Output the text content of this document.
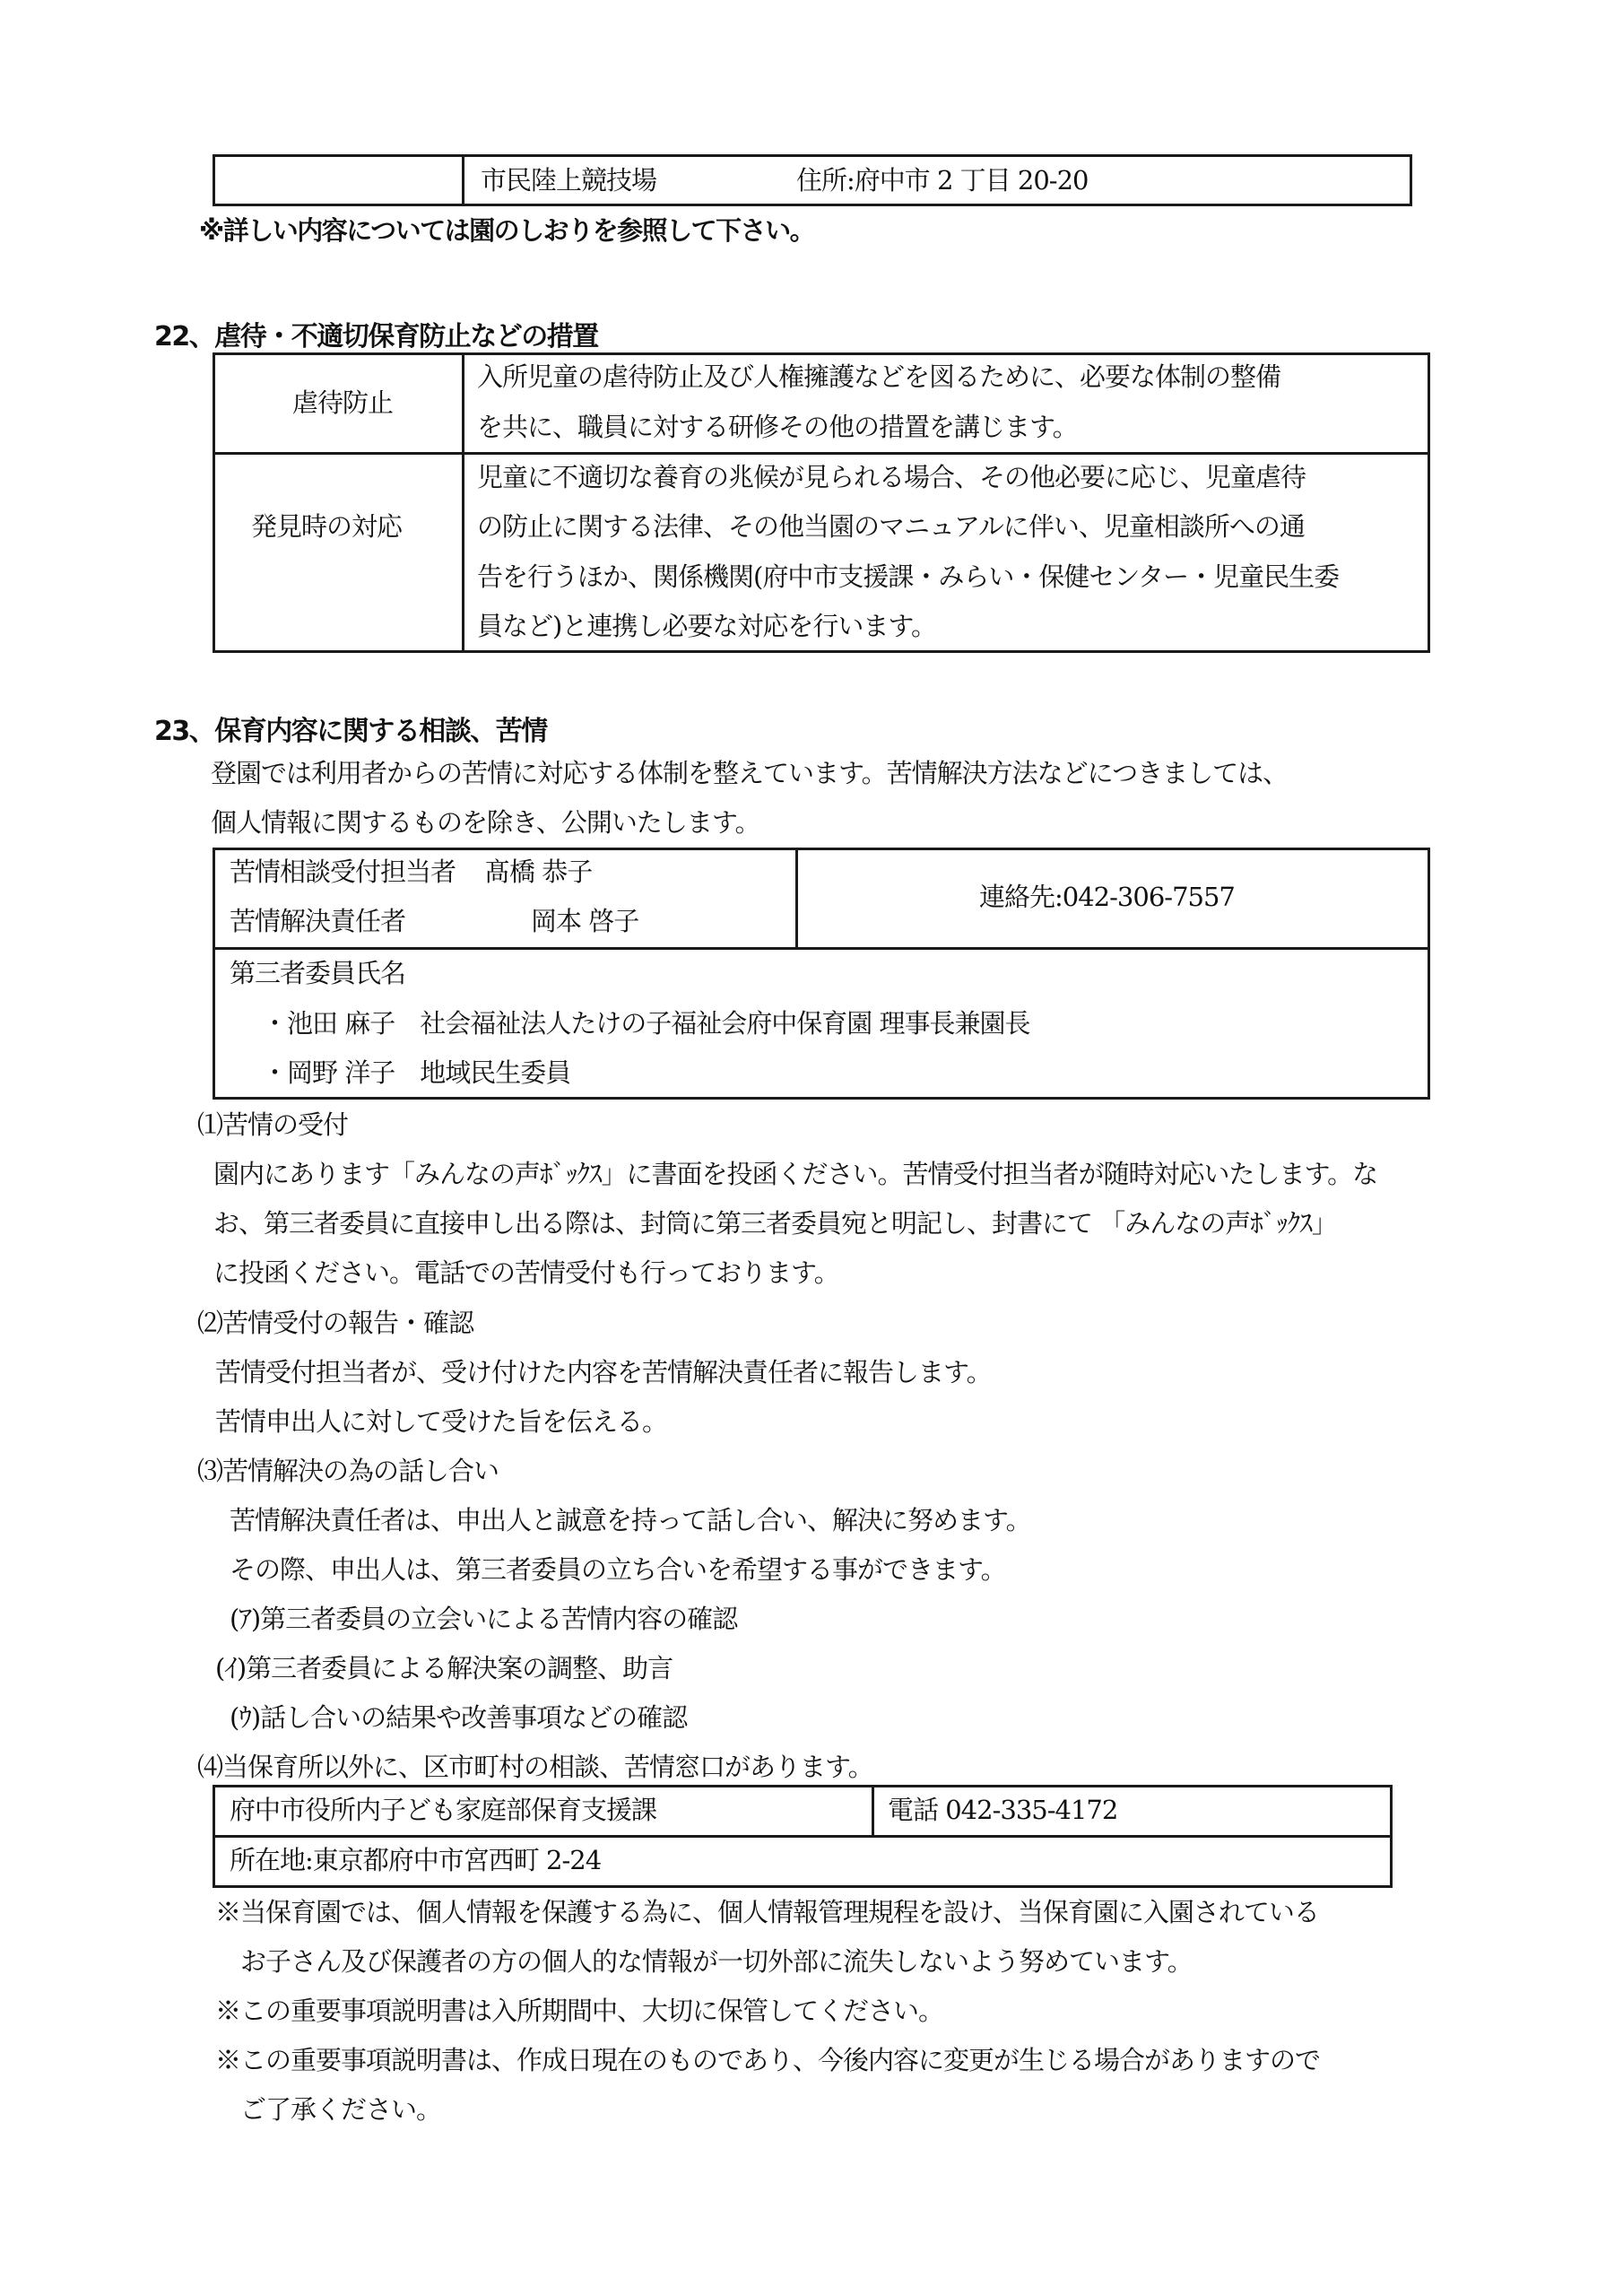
市民陸上競技場	住所:府中市 2 丁目 20-20
※詳しい内容については園のしおりを参照して下さい。
22、虐待・不適切保育防止などの措置
虐待防止
入所児童の虐待防止及び人権擁護などを図るために、必要な体制の整備
を共に、職員に対する研修その他の措置を講じます。
発見時の対応
児童に不適切な養育の兆候が見られる場合、その他必要に応じ、児童虐待
の防止に関する法律、その他当園のマニュアルに伴い、児童相談所への通
告を行うほか、関係機関(府中市支援課・みらい・保健センター・児童民生委
員など)と連携し必要な対応を行います。
23、保育内容に関する相談、苦情
登園では利用者からの苦情に対応する体制を整えています。苦情解決方法などにつきましては、
個人情報に関するものを除き、公開いたします。
苦情相談受付担当者 髙橋 恭子
苦情解決責任者	岡本 啓子
連絡先:042-306-7557
第三者委員氏名
・池田 麻子　社会福祉法人たけの子福祉会府中保育園 理事長兼園長
・岡野 洋子　地域民生委員
⑴苦情の受付
園内にあります「みんなの声ﾎﾞｯｸｽ」に書面を投函ください。苦情受付担当者が随時対応いたします。な
お、第三者委員に直接申し出る際は、封筒に第三者委員宛と明記し、封書にて 「みんなの声ﾎﾞｯｸｽ」
に投函ください。電話での苦情受付も行っております。
⑵苦情受付の報告・確認
苦情受付担当者が、受け付けた内容を苦情解決責任者に報告します。
苦情申出人に対して受けた旨を伝える。
⑶苦情解決の為の話し合い
苦情解決責任者は、申出人と誠意を持って話し合い、解決に努めます。
その際、申出人は、第三者委員の立ち合いを希望する事ができます。
(ｱ)第三者委員の立会いによる苦情内容の確認
(ｲ)第三者委員による解決案の調整、助言
(ｳ)話し合いの結果や改善事項などの確認
⑷当保育所以外に、区市町村の相談、苦情窓口があります。
府中市役所内子ども家庭部保育支援課	電話 042-335-4172
所在地:東京都府中市宮西町 2-24
※当保育園では、個人情報を保護する為に、個人情報管理規程を設け、当保育園に入園されている
　お子さん及び保護者の方の個人的な情報が一切外部に流失しないよう努めています。
※この重要事項説明書は入所期間中、大切に保管してください。
※この重要事項説明書は、作成日現在のものであり、今後内容に変更が生じる場合がありますので
　ご了承ください。
